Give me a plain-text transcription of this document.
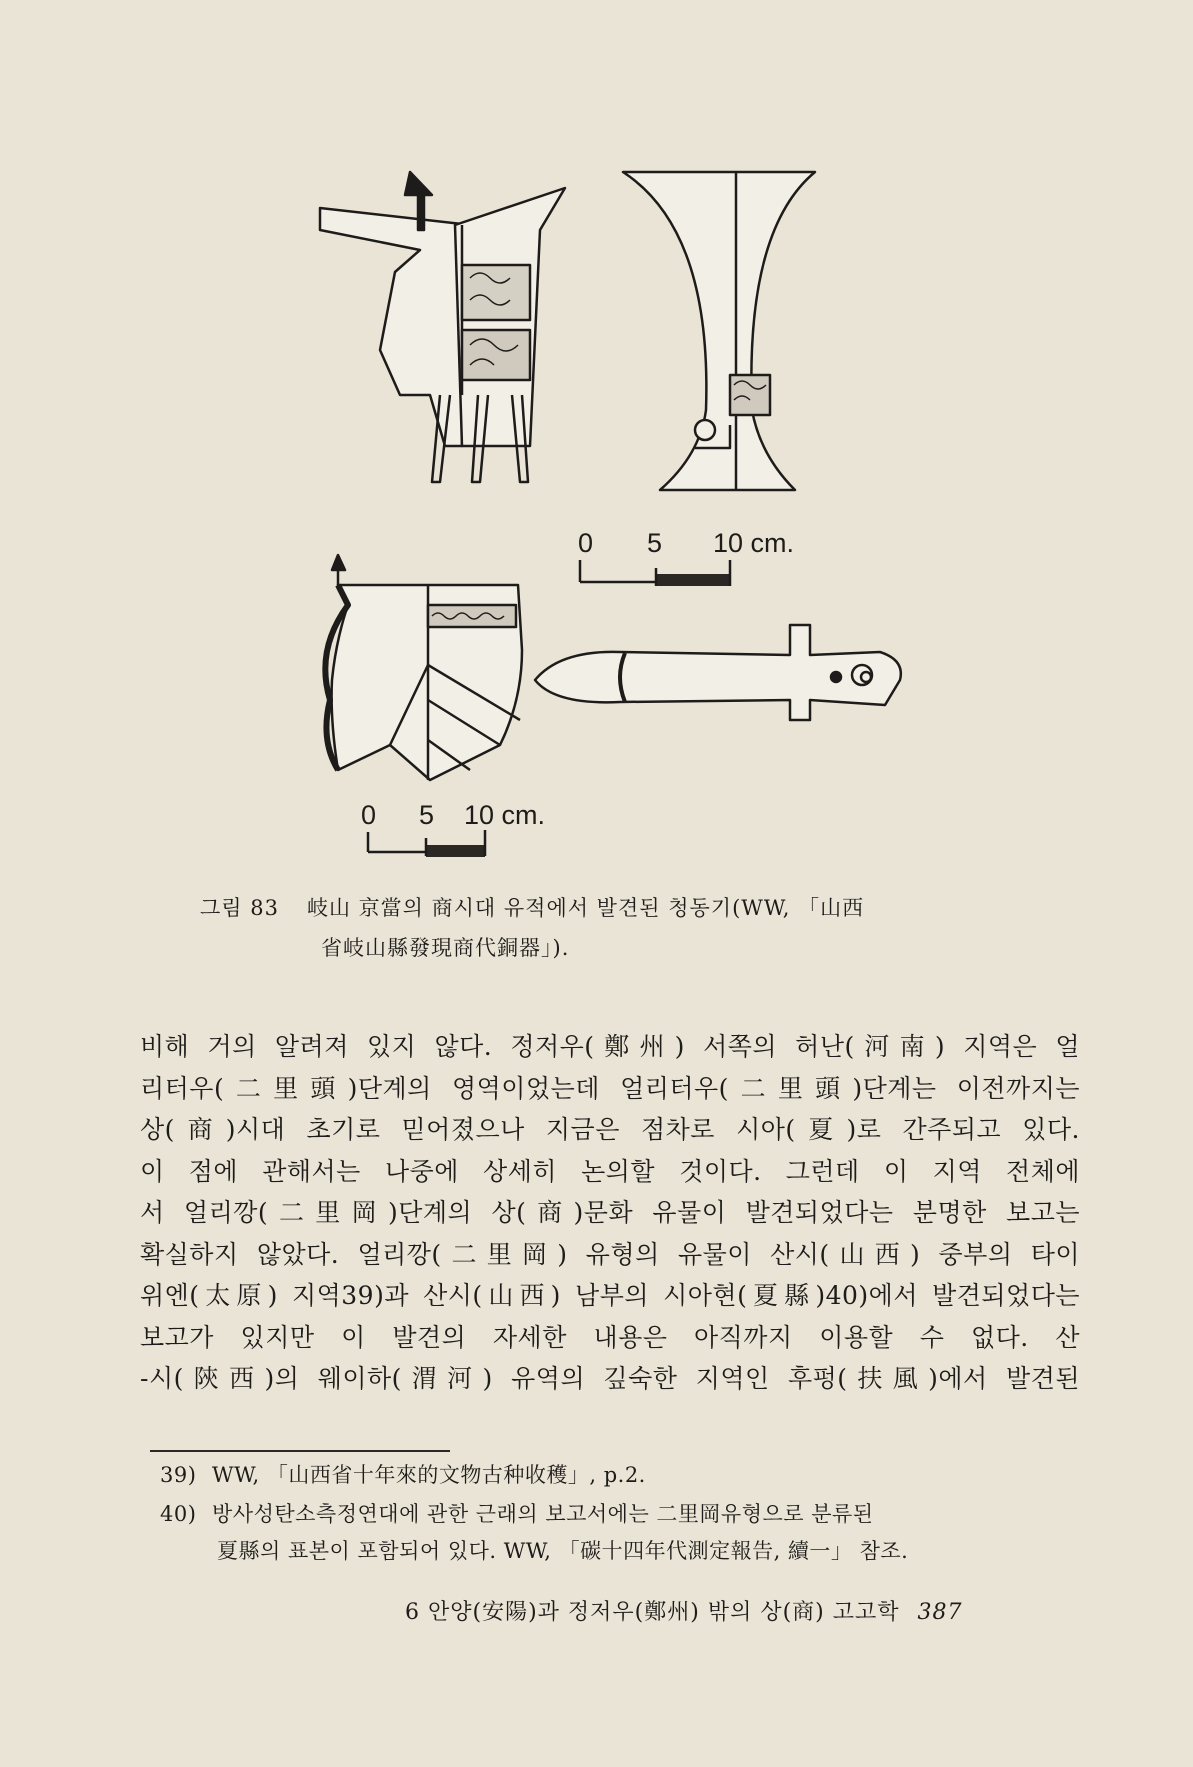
0 5 10 cm.
0 5 10 cm.
그림 83 岐山 京當의 商시대 유적에서 발견된 청동기(WW, 「山西
省岐山縣發現商代銅器」).
비해 거의 알려져 있지 않다. 정저우(鄭州) 서쪽의 허난(河南) 지역은 얼
리터우(二里頭)단계의 영역이었는데 얼리터우(二里頭)단계는 이전까지는
상(商)시대 초기로 믿어졌으나 지금은 점차로 시아(夏)로 간주되고 있다.
이 점에 관해서는 나중에 상세히 논의할 것이다. 그런데 이 지역 전체에
서 얼리깡(二里岡)단계의 상(商)문화 유물이 발견되었다는 분명한 보고는
확실하지 않았다. 얼리깡(二里岡) 유형의 유물이 산시(山西) 중부의 타이
위엔(太原) 지역39)과 산시(山西) 남부의 시아현(夏縣)40)에서 발견되었다는
보고가 있지만 이 발견의 자세한 내용은 아직까지 이용할 수 없다. 산
-시(陝西)의 웨이하(渭河) 유역의 깊숙한 지역인 후펑(扶風)에서 발견된
39) WW, 「山西省十年來的文物古种收穫」, p.2.
40) 방사성탄소측정연대에 관한 근래의 보고서에는 二里岡유형으로 분류된
夏縣의 표본이 포함되어 있다. WW, 「碳十四年代測定報告, 續一」 참조.
6 안양(安陽)과 정저우(鄭州) 밖의 상(商) 고고학 387
